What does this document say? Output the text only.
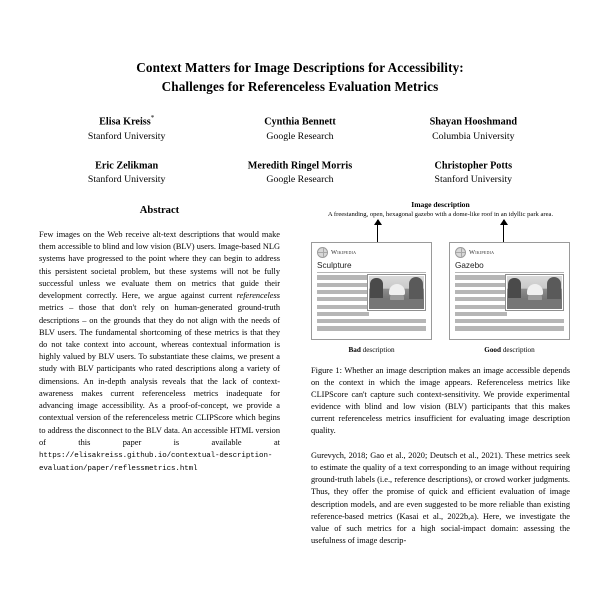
Context Matters for Image Descriptions for Accessibility:
Challenges for Referenceless Evaluation Metrics
Elisa Kreiss*
Stanford University
Cynthia Bennett
Google Research
Shayan Hooshmand
Columbia University
Eric Zelikman
Stanford University
Meredith Ringel Morris
Google Research
Christopher Potts
Stanford University
Abstract
Few images on the Web receive alt-text descriptions that would make them accessible to blind and low vision (BLV) users. Image-based NLG systems have progressed to the point where they can begin to address this persistent societal problem, but these systems will not be fully successful unless we evaluate them on metrics that guide their development correctly. Here, we argue against current referenceless metrics – those that don't rely on human-generated ground-truth descriptions – on the grounds that they do not align with the needs of BLV users. The fundamental shortcoming of these metrics is that they do not take context into account, whereas contextual information is highly valued by BLV users. To substantiate these claims, we present a study with BLV participants who rated descriptions along a variety of dimensions. An in-depth analysis reveals that the lack of context-awareness makes current referenceless metrics inadequate for advancing image accessibility. As a proof-of-concept, we provide a contextual version of the referenceless metric CLIPScore which begins to address the disconnect to the BLV data. An accessible HTML version of this paper is available at https://elisakreiss.github.io/contextual-description-evaluation/paper/reflessmetrics.html
Image description
A freestanding, open, hexagonal gazebo with a dome-like roof in an idyllic park area.
Wikipedia
Sculpture
Bad description
Wikipedia
Gazebo
Good description
Figure 1: Whether an image description makes an image accessible depends on the context in which the image appears. Referenceless metrics like CLIPScore can't capture such context-sensitivity. We provide experimental evidence with blind and low vision (BLV) participants that this makes current referenceless metrics insufficient for evaluating image description quality.
Gurevych, 2018; Gao et al., 2020; Deutsch et al., 2021). These metrics seek to estimate the quality of a text corresponding to an image without requiring ground-truth labels (i.e., reference descriptions), or crowd worker judgments. Thus, they offer the promise of quick and efficient evaluation of image description models, and are even suggested to be more reliable than existing reference-based metrics (Kasai et al., 2022b,a). Here, we investigate the value of such metrics for a high social-impact domain: assessing the usefulness of image descrip-
